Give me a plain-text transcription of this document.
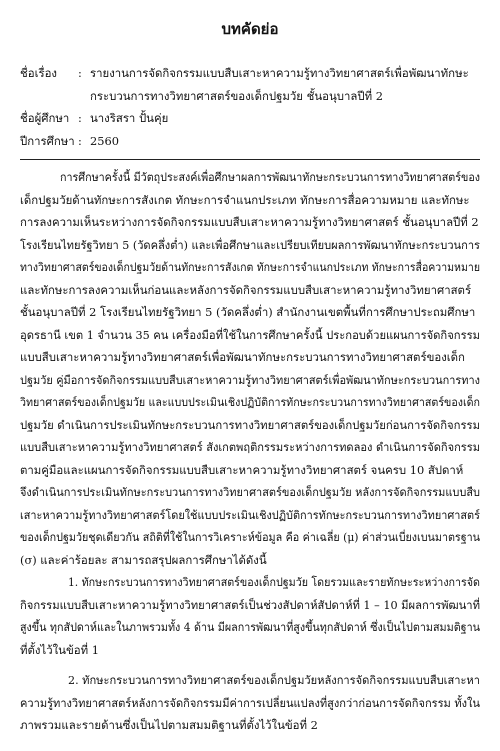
บทคัดย่อ
ชื่อเรื่อง	: รายงานการจัดกิจกรรมแบบสืบเสาะหาความรู้ทางวิทยาศาสตร์เพื่อพัฒนาทักษะ
กระบวนการทางวิทยาศาสตร์ของเด็กปฐมวัย ชั้นอนุบาลปีที่ 2
ชื่อผู้ศึกษา : นางริสรา ปั้นคุ่ย
ปีการศึกษา : 2560
การศึกษาครั้งนี้ มีวัตถุประสงค์เพื่อศึกษาผลการพัฒนาทักษะกระบวนการทางวิทยาศาสตร์ของ
เด็กปฐมวัยด้านทักษะการสังเกต ทักษะการจำแนกประเภท ทักษะการสื่อความหมาย และทักษะ
การลงความเห็นระหว่างการจัดกิจกรรมแบบสืบเสาะหาความรู้ทางวิทยาศาสตร์ ชั้นอนุบาลปีที่ 2
โรงเรียนไทยรัฐวิทยา 5 (วัดคลึ่งต่ำ) และเพื่อศึกษาและเปรียบเทียบผลการพัฒนาทักษะกระบวนการ
ทางวิทยาศาสตร์ของเด็กปฐมวัยด้านทักษะการสังเกต ทักษะการจำแนกประเภท ทักษะการสื่อความหมาย
และทักษะการลงความเห็นก่อนและหลังการจัดกิจกรรมแบบสืบเสาะหาความรู้ทางวิทยาศาสตร์
ชั้นอนุบาลปีที่ 2 โรงเรียนไทยรัฐวิทยา 5 (วัดคลึ่งต่ำ) สำนักงานเขตพื้นที่การศึกษาประถมศึกษา
อุดรธานี เขต 1 จำนวน 35 คน เครื่องมือที่ใช้ในการศึกษาครั้งนี้ ประกอบด้วยแผนการจัดกิจกรรม
แบบสืบเสาะหาความรู้ทางวิทยาศาสตร์เพื่อพัฒนาทักษะกระบวนการทางวิทยาศาสตร์ของเด็ก
ปฐมวัย คู่มือการจัดกิจกรรมแบบสืบเสาะหาความรู้ทางวิทยาศาสตร์เพื่อพัฒนาทักษะกระบวนการทาง
วิทยาศาสตร์ของเด็กปฐมวัย และแบบประเมินเชิงปฏิบัติการทักษะกระบวนการทางวิทยาศาสตร์ของเด็ก
ปฐมวัย ดำเนินการประเมินทักษะกระบวนการทางวิทยาศาสตร์ของเด็กปฐมวัยก่อนการจัดกิจกรรม
แบบสืบเสาะหาความรู้ทางวิทยาศาสตร์ สังเกตพฤติกรรมระหว่างการทดลอง ดำเนินการจัดกิจกรรม
ตามคู่มือและแผนการจัดกิจกรรมแบบสืบเสาะหาความรู้ทางวิทยาศาสตร์ จนครบ 10 สัปดาห์
จึงดำเนินการประเมินทักษะกระบวนการทางวิทยาศาสตร์ของเด็กปฐมวัย หลังการจัดกิจกรรมแบบสืบ
เสาะหาความรู้ทางวิทยาศาสตร์โดยใช้แบบประเมินเชิงปฏิบัติการทักษะกระบวนการทางวิทยาศาสตร์
ของเด็กปฐมวัยชุดเดียวกัน สถิติที่ใช้ในการวิเคราะห์ข้อมูล คือ ค่าเฉลี่ย (μ) ค่าส่วนเบี่ยงเบนมาตรฐาน
(σ) และค่าร้อยละ สามารถสรุปผลการศึกษาได้ดังนี้
1. ทักษะกระบวนการทางวิทยาศาสตร์ของเด็กปฐมวัย โดยรวมและรายทักษะระหว่างการจัด
กิจกรรมแบบสืบเสาะหาความรู้ทางวิทยาศาสตร์เป็นช่วงสัปดาห์สัปดาห์ที่ 1 – 10 มีผลการพัฒนาที่
สูงขึ้น ทุกสัปดาห์และในภาพรวมทั้ง 4 ด้าน มีผลการพัฒนาที่สูงขึ้นทุกสัปดาห์ ซึ่งเป็นไปตามสมมติฐาน
ที่ตั้งไว้ในข้อที่ 1
2. ทักษะกระบวนการทางวิทยาศาสตร์ของเด็กปฐมวัยหลังการจัดกิจกรรมแบบสืบเสาะหา
ความรู้ทางวิทยาศาสตร์หลังการจัดกิจกรรมมีค่าการเปลี่ยนแปลงที่สูงกว่าก่อนการจัดกิจกรรม ทั้งใน
ภาพรวมและรายด้านซึ่งเป็นไปตามสมมติฐานที่ตั้งไว้ในข้อที่ 2
